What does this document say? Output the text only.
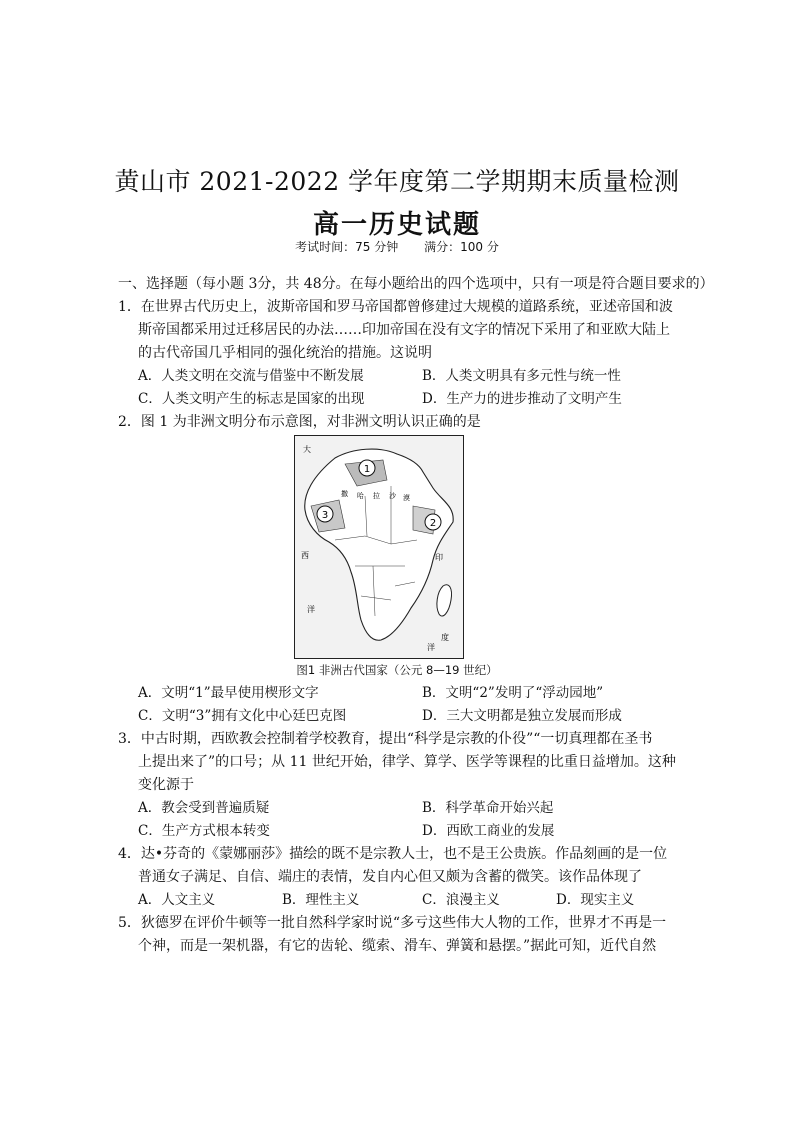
黄山市 2021-2022 学年度第二学期期末质量检测
高一历史试题
考试时间：75 分钟 满分：100 分
一、选择题（每小题 3分，共 48分。在每小题给出的四个选项中，只有一项是符合题目要求的）
1．在世界古代历史上，波斯帝国和罗马帝国都曾修建过大规模的道路系统，亚述帝国和波
斯帝国都采用过迁移居民的办法……印加帝国在没有文字的情况下采用了和亚欧大陆上
的古代帝国几乎相同的强化统治的措施。这说明
A．人类文明在交流与借鉴中不断发展	B．人类文明具有多元性与统一性
C．人类文明产生的标志是国家的出现	D．生产力的进步推动了文明产生
2．图 1 为非洲文明分布示意图，对非洲文明认识正确的是
1
2
3
大
西
洋
印
度
洋
撒 哈 拉 沙 漠
图1 非洲古代国家（公元 8—19 世纪）
A．文明“1”最早使用楔形文字	B．文明“2”发明了“浮动园地”
C．文明“3”拥有文化中心廷巴克图	D．三大文明都是独立发展而形成
3．中古时期，西欧教会控制着学校教育，提出“科学是宗教的仆役”“一切真理都在圣书
上提出来了”的口号；从 11 世纪开始，律学、算学、医学等课程的比重日益增加。这种
变化源于
A．教会受到普遍质疑	B．科学革命开始兴起
C．生产方式根本转变	D．西欧工商业的发展
4．达•芬奇的《蒙娜丽莎》描绘的既不是宗教人士，也不是王公贵族。作品刻画的是一位
普通女子满足、自信、端庄的表情，发自内心但又颇为含蓄的微笑。该作品体现了
A．人文主义	B．理性主义	C．浪漫主义	D．现实主义
5．狄德罗在评价牛顿等一批自然科学家时说“多亏这些伟大人物的工作，世界才不再是一
个神，而是一架机器，有它的齿轮、缆索、滑车、弹簧和悬摆。”据此可知，近代自然
